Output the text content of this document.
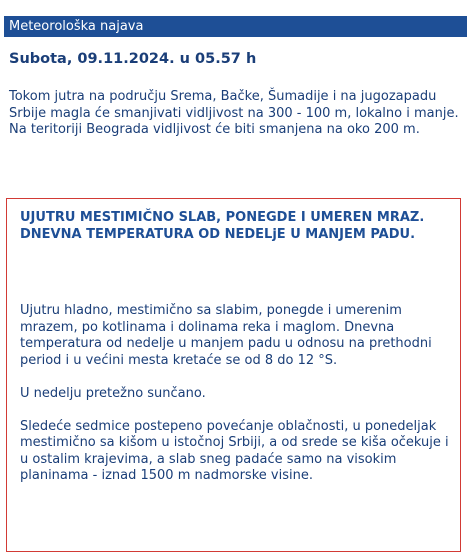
Meteorološka najava
Subota, 09.11.2024. u 05.57 h

Tokom jutra na području Srema, Bačke, Šumadije i na jugozapadu Srbije magla će smanjivati vidljivost na 300 - 100 m, lokalno i manje.

Na teritoriji Beograda vidljivost će biti smanjena na oko 200 m.

UJUTRU MESTIMIČNO SLAB, PONEGDE I UMEREN MRAZ.
DNEVNA TEMPERATURA OD NEDELjE U MANJEM PADU.

Ujutru hladno, mestimično sa slabim, ponegde i umerenim mrazem, po kotlinama i dolinama reka i maglom. Dnevna temperatura od nedelje u manjem padu u odnosu na prethodni period i u većini mesta kretaće se od 8 do 12 °S.

U nedelju pretežno sunčano.

Sledeće sedmice postepeno povećanje oblačnosti, u ponedeljak mestimično sa kišom u istočnoj Srbiji, a od srede se kiša očekuje i u ostalim krajevima, a slab sneg padaće samo na visokim planinama - iznad 1500 m nadmorske visine.
